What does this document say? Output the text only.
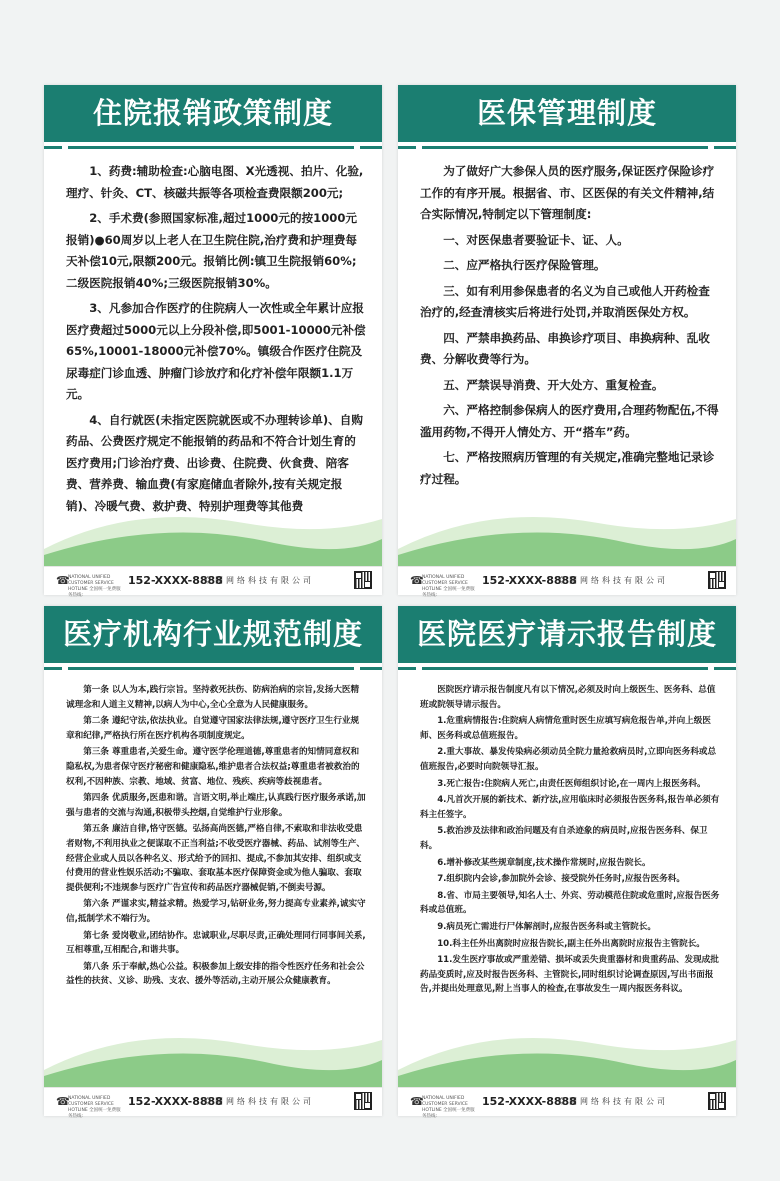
住院报销政策制度

1、药费:辅助检查:心脑电图、X光透视、拍片、化验,理疗、针灸、CT、核磁共振等各项检查费限额200元;

2、手术费(参照国家标准,超过1000元的按1000元报销)●60周岁以上老人在卫生院住院,治疗费和护理费每天补偿10元,限额200元。报销比例:镇卫生院报销60%;二级医院报销40%;三级医院报销30%。

3、凡参加合作医疗的住院病人一次性或全年累计应报医疗费超过5000元以上分段补偿,即5001-10000元补偿65%,10001-18000元补偿70%。镇级合作医疗住院及尿毒症门诊血透、肿瘤门诊放疗和化疗补偿年限额1.1万元。

4、自行就医(未指定医院就医或不办理转诊单)、自购药品、公费医疗规定不能报销的药品和不符合计划生育的医疗费用;门诊治疗费、出诊费、住院费、伙食费、陪客费、营养费、输血费(有家庭储血者除外,按有关规定报销)、冷暖气费、救护费、特别护理费等其他费

☎
NATIONAL UNIFIED CUSTOMER SERVICE HOTLINE 全国统一免费服务热线:
152-XXXX-8888
众图网络科技有限公司
医保管理制度

为了做好广大参保人员的医疗服务,保证医疗保险诊疗工作的有序开展。根据省、市、区医保的有关文件精神,结合实际情况,特制定以下管理制度:

一、对医保患者要验证卡、证、人。

二、应严格执行医疗保险管理。

三、如有利用参保患者的名义为自己或他人开药检查治疗的,经查清核实后将进行处罚,并取消医保处方权。

四、严禁串换药品、串换诊疗项目、串换病种、乱收费、分解收费等行为。

五、严禁误导消费、开大处方、重复检查。

六、严格控制参保病人的医疗费用,合理药物配伍,不得滥用药物,不得开人情处方、开“搭车”药。

七、严格按照病历管理的有关规定,准确完整地记录诊疗过程。

☎
NATIONAL UNIFIED CUSTOMER SERVICE HOTLINE 全国统一免费服务热线:
152-XXXX-8888
众图网络科技有限公司
医疗机构行业规范制度

第一条 以人为本,践行宗旨。坚持救死扶伤、防病治病的宗旨,发扬大医精诚理念和人道主义精神,以病人为中心,全心全意为人民健康服务。

第二条 遵纪守法,依法执业。自觉遵守国家法律法规,遵守医疗卫生行业规章和纪律,严格执行所在医疗机构各项制度规定。

第三条 尊重患者,关爱生命。遵守医学伦理道德,尊重患者的知情同意权和隐私权,为患者保守医疗秘密和健康隐私,维护患者合法权益;尊重患者被救治的权利,不因种族、宗教、地域、贫富、地位、残疾、疾病等歧视患者。

第四条 优质服务,医患和谐。言语文明,举止端庄,认真践行医疗服务承诺,加强与患者的交流与沟通,积极带头控烟,自觉维护行业形象。

第五条 廉洁自律,恪守医德。弘扬高尚医德,严格自律,不索取和非法收受患者财物,不利用执业之便谋取不正当利益;不收受医疗器械、药品、试剂等生产、经营企业或人员以各种名义、形式给予的回扣、提成,不参加其安排、组织或支付费用的营业性娱乐活动;不骗取、套取基本医疗保障资金或为他人骗取、套取提供便利;不违规参与医疗广告宣传和药品医疗器械促销,不倒卖号源。

第六条 严谨求实,精益求精。热爱学习,钻研业务,努力提高专业素养,诚实守信,抵制学术不端行为。

第七条 爱岗敬业,团结协作。忠诚职业,尽职尽责,正确处理同行同事间关系,互相尊重,互相配合,和谐共事。

第八条 乐于奉献,热心公益。积极参加上级安排的指令性医疗任务和社会公益性的扶贫、义诊、助残、支农、援外等活动,主动开展公众健康教育。

☎
NATIONAL UNIFIED CUSTOMER SERVICE HOTLINE 全国统一免费服务热线:
152-XXXX-8888
众图网络科技有限公司
医院医疗请示报告制度

医院医疗请示报告制度凡有以下情况,必须及时向上级医生、医务科、总值班或院领导请示报告。

1.危重病情报告:住院病人病情危重时医生应填写病危报告单,并向上级医师、医务科或总值班报告。

2.重大事故、暴发传染病必须动员全院力量抢救病员时,立即向医务科或总值班报告,必要时向院领导汇报。

3.死亡报告:住院病人死亡,由责任医师组织讨论,在一周内上报医务科。

4.凡首次开展的新技术、新疗法,应用临床时必须报告医务科,报告单必须有科主任签字。

5.救治涉及法律和政治问题及有自杀迹象的病员时,应报告医务科、保卫科。

6.增补修改某些规章制度,技术操作常规时,应报告院长。

7.组织院内会诊,参加院外会诊、接受院外任务时,应报告医务科。

8.省、市局主要领导,知名人士、外宾、劳动模范住院或危重时,应报告医务科或总值班。

9.病员死亡需进行尸体解剖时,应报告医务科或主管院长。

10.科主任外出离院时应报告院长,副主任外出离院时应报告主管院长。

11.发生医疗事故或严重差错、损坏或丢失贵重器材和贵重药品、发现成批药品变质时,应及时报告医务科、主管院长,同时组织讨论调查原因,写出书面报告,并提出处理意见,附上当事人的检查,在事故发生一周内报医务科议。

☎
NATIONAL UNIFIED CUSTOMER SERVICE HOTLINE 全国统一免费服务热线:
152-XXXX-8888
众图网络科技有限公司
